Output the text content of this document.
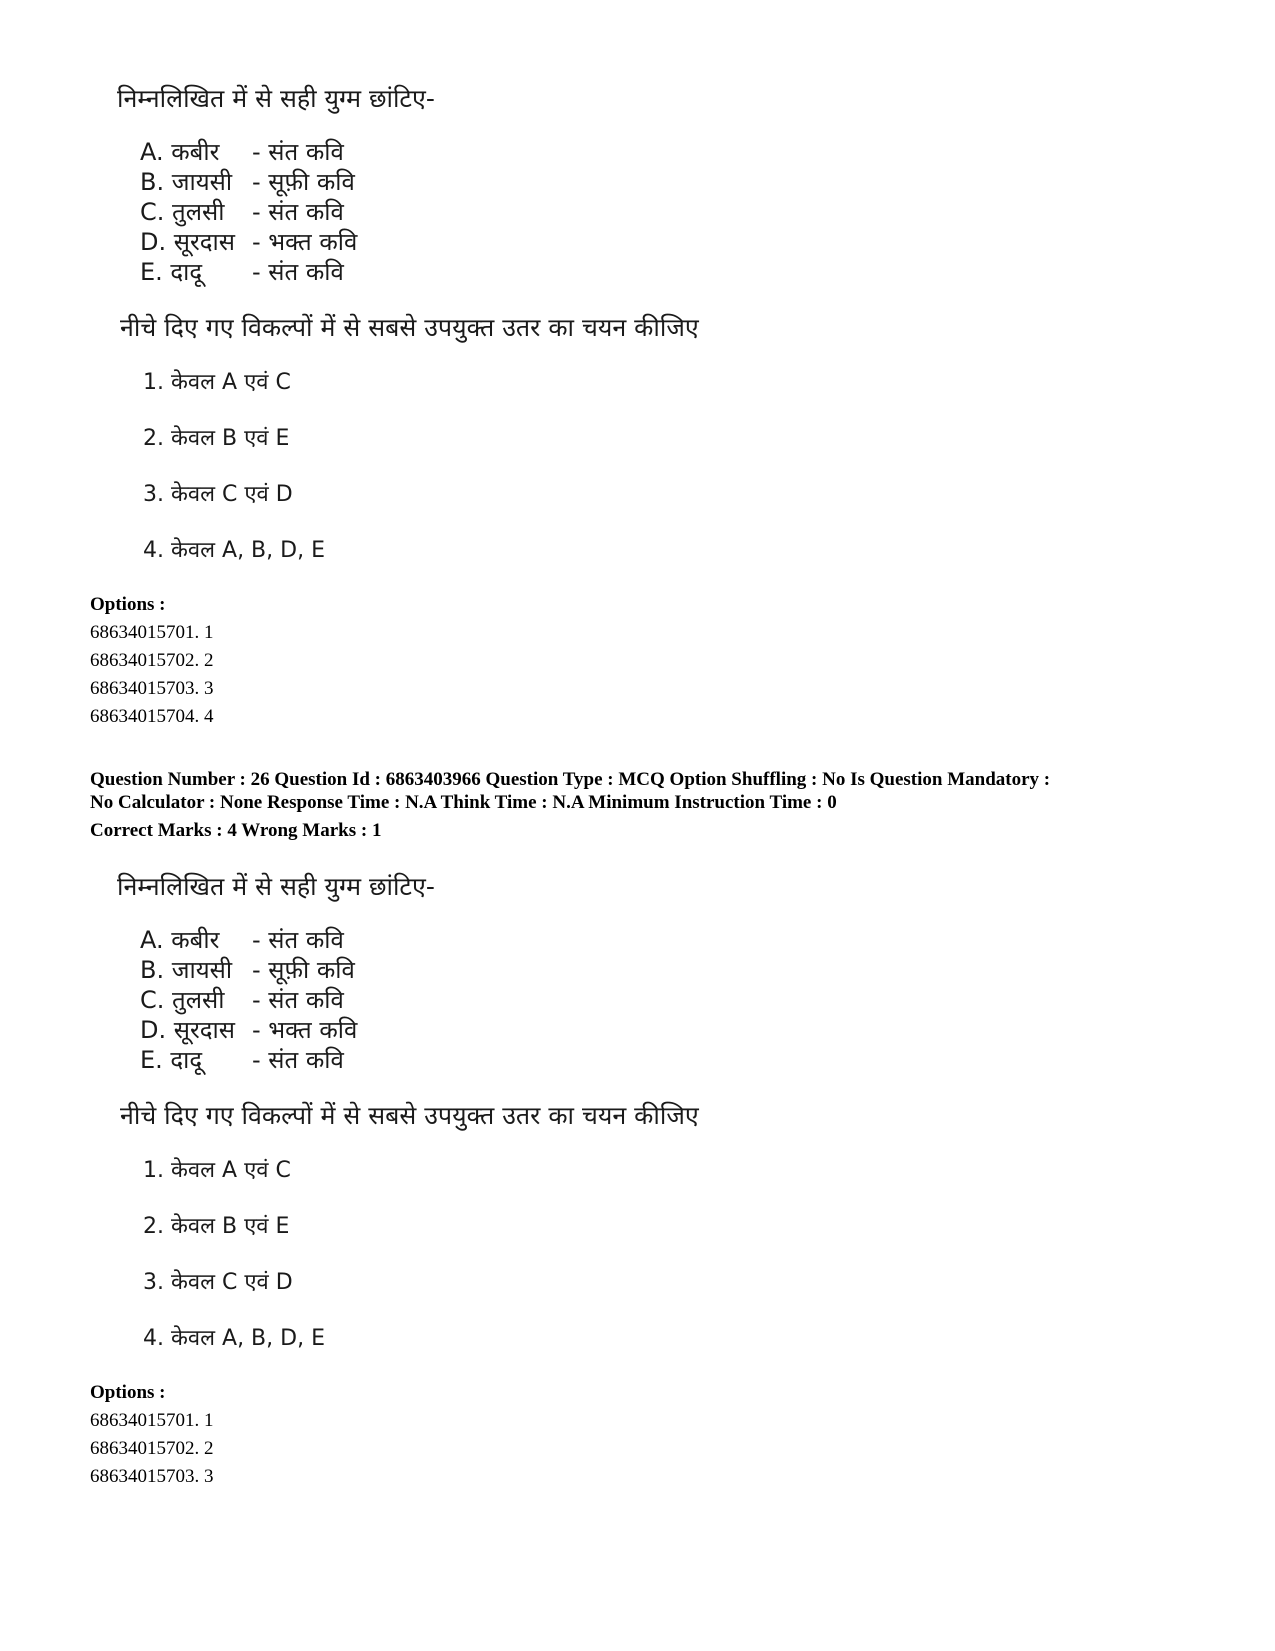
निम्नलिखित में से सही युग्म छांटिए-
A. कबीर - संत कवि
B. जायसी - सूफ़ी कवि
C. तुलसी - संत कवि
D. सूरदास - भक्त कवि
E. दादू - संत कवि
नीचे दिए गए विकल्पों में से सबसे उपयुक्त उतर का चयन कीजिए
1. केवल A एवं C
2. केवल B एवं E
3. केवल C एवं D
4. केवल A, B, D, E
Options :
68634015701. 1
68634015702. 2
68634015703. 3
68634015704. 4
Question Number : 26 Question Id : 6863403966 Question Type : MCQ Option Shuffling : No Is Question Mandatory :
No Calculator : None Response Time : N.A Think Time : N.A Minimum Instruction Time : 0
Correct Marks : 4 Wrong Marks : 1
निम्नलिखित में से सही युग्म छांटिए-
A. कबीर - संत कवि
B. जायसी - सूफ़ी कवि
C. तुलसी - संत कवि
D. सूरदास - भक्त कवि
E. दादू - संत कवि
नीचे दिए गए विकल्पों में से सबसे उपयुक्त उतर का चयन कीजिए
1. केवल A एवं C
2. केवल B एवं E
3. केवल C एवं D
4. केवल A, B, D, E
Options :
68634015701. 1
68634015702. 2
68634015703. 3
